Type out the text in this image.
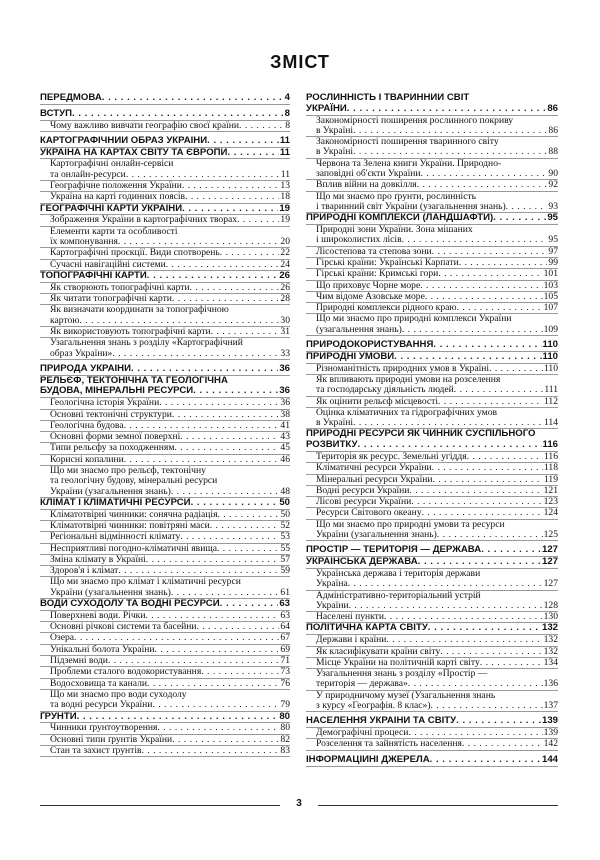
ЗМІСТ
ПЕРЕДМОВА . . .	4
ВСТУП . . .	8
Чому важливо вивчати географію своєї країни . . .	8
КАРТОГРАФІЧНИЙ ОБРАЗ УКРАЇНИ . . .	11
УКРАЇНА НА КАРТАХ СВІТУ ТА ЄВРОПИ . . .	11
Картографічні онлайн-сервіси
та онлайн-ресурси . . .	11
Географічне положення України . . .	13
Україна на карті годинних поясів . . .	18
ГЕОГРАФІЧНІ КАРТИ УКРАЇНИ . . .	19
Зображення України в картографічних творах . . .	19
Елементи карти та особливості
їх компонування . . .	20
Картографічні проєкції. Види спотворень . . .	22
Сучасні навігаційні системи . . .	24
ТОПОГРАФІЧНІ КАРТИ . . .	26
Як створюють топографічні карти . . .	26
Як читати топографічні карти . . .	28
Як визначати координати за топографічною
картою . . .	30
Як використовують топографічні карти . . .	31
Узагальнення знань з розділу «Картографічний
образ України» . . .	33
ПРИРОДА УКРАЇНИ . . .	36
РЕЛЬЄФ, ТЕКТОНІЧНА ТА ГЕОЛОГІЧНА
БУДОВА, МІНЕРАЛЬНІ РЕСУРСИ . . .	36
Геологічна історія України . . .	36
Основні тектонічні структури . . .	38
Геологічна будова . . .	41
Основні форми земної поверхні . . .	43
Типи рельєфу за походженням . . .	45
Корисні копалини . . .	46
Що ми знаємо про рельєф, тектонічну
та геологічну будову, мінеральні ресурси
України (узагальнення знань) . . .	48
КЛІМАТ І КЛІМАТИЧНІ РЕСУРСИ . . .	50
Кліматотвірні чинники: сонячна радіація . . .	50
Кліматотвірні чинники: повітряні маси . . .	52
Регіональні відмінності клімату . . .	53
Несприятливі погодно-кліматичні явища . . .	55
Зміна клімату в Україні . . .	57
Здоров'я і клімат . . .	59
Що ми знаємо про клімат і кліматичні ресурси
України (узагальнення знань) . . .	61
ВОДИ СУХОДОЛУ ТА ВОДНІ РЕСУРСИ . . .	63
Поверхневі води. Річки . . .	63
Основні річкові системи та басейни . . .	64
Озера . . .	67
Унікальні болота України . . .	69
Підземні води . . .	71
Проблеми сталого водокористування . . .	73
Водосховища та канали . . .	76
Що ми знаємо про води суходолу
та водні ресурси України . . .	79
ҐРУНТИ . . .	80
Чинники ґрунтоутворення . . .	80
Основні типи ґрунтів України . . .	82
Стан та захист ґрунтів . . .	83
РОСЛИННІСТЬ І ТВАРИННИЙ СВІТ
УКРАЇНИ . . .	86
Закономірності поширення рослинного покриву
в Україні . . .	86
Закономірності поширення тваринного світу
в Україні . . .	88
Червона та Зелена книги України. Природно-
заповідні об'єкти України . . .	90
Вплив війни на довкілля . . .	92
Що ми знаємо про ґрунти, рослинність
і тваринний світ України (узагальнення знань) . . .	93
ПРИРОДНІ КОМПЛЕКСИ (ЛАНДШАФТИ) . . .	95
Природні зони України. Зона мішаних
і широколистих лісів . . .	95
Лісостепова та степова зони . . .	97
Гірські країни: Українські Карпати . . .	99
Гірські країни: Кримські гори . . .	101
Що приховує Чорне море . . .	103
Чим відоме Азовське море . . .	105
Природні комплекси рідного краю . . .	107
Що ми знаємо про природні комплекси України
(узагальнення знань) . . .	109
ПРИРОДОКОРИСТУВАННЯ . . .	110
ПРИРОДНІ УМОВИ . . .	110
Різноманітність природних умов в Україні . . .	110
Як впливають природні умови на розселення
та господарську діяльність людей . . .	111
Як оцінити рельєф місцевості . . .	112
Оцінка кліматичних та гідрографічних умов
в Україні . . .	114
ПРИРОДНІ РЕСУРСИ ЯК ЧИННИК СУСПІЛЬНОГО
РОЗВИТКУ . . .	116
Територія як ресурс. Земельні угіддя . . .	116
Кліматичні ресурси України . . .	118
Мінеральні ресурси України . . .	119
Водні ресурси України . . .	121
Лісові ресурси України . . .	123
Ресурси Світового океану . . .	124
Що ми знаємо про природні умови та ресурси
України (узагальнення знань) . . .	125
ПРОСТІР — ТЕРИТОРІЯ — ДЕРЖАВА . . .	127
УКРАЇНСЬКА ДЕРЖАВА . . .	127
Українська держава і територія держави
Україна . . .	127
Адміністративно-територіальний устрій
України . . .	128
Населені пункти . . .	130
ПОЛІТИЧНА КАРТА СВІТУ . . .	132
Держави і країни . . .	132
Як класифікувати країни світу . . .	132
Місце України на політичній карті світу . . .	134
Узагальнення знань з розділу «Простір —
територія — держава» . . .	136
У природничому музеї (Узагальнення знань
з курсу «Географія. 8 клас») . . .	137
НАСЕЛЕННЯ УКРАЇНИ ТА СВІТУ . . .	139
Демографічні процеси . . .	139
Розселення та зайнятість населення . . .	142
ІНФОРМАЦІЙНІ ДЖЕРЕЛА . . .	144
3
